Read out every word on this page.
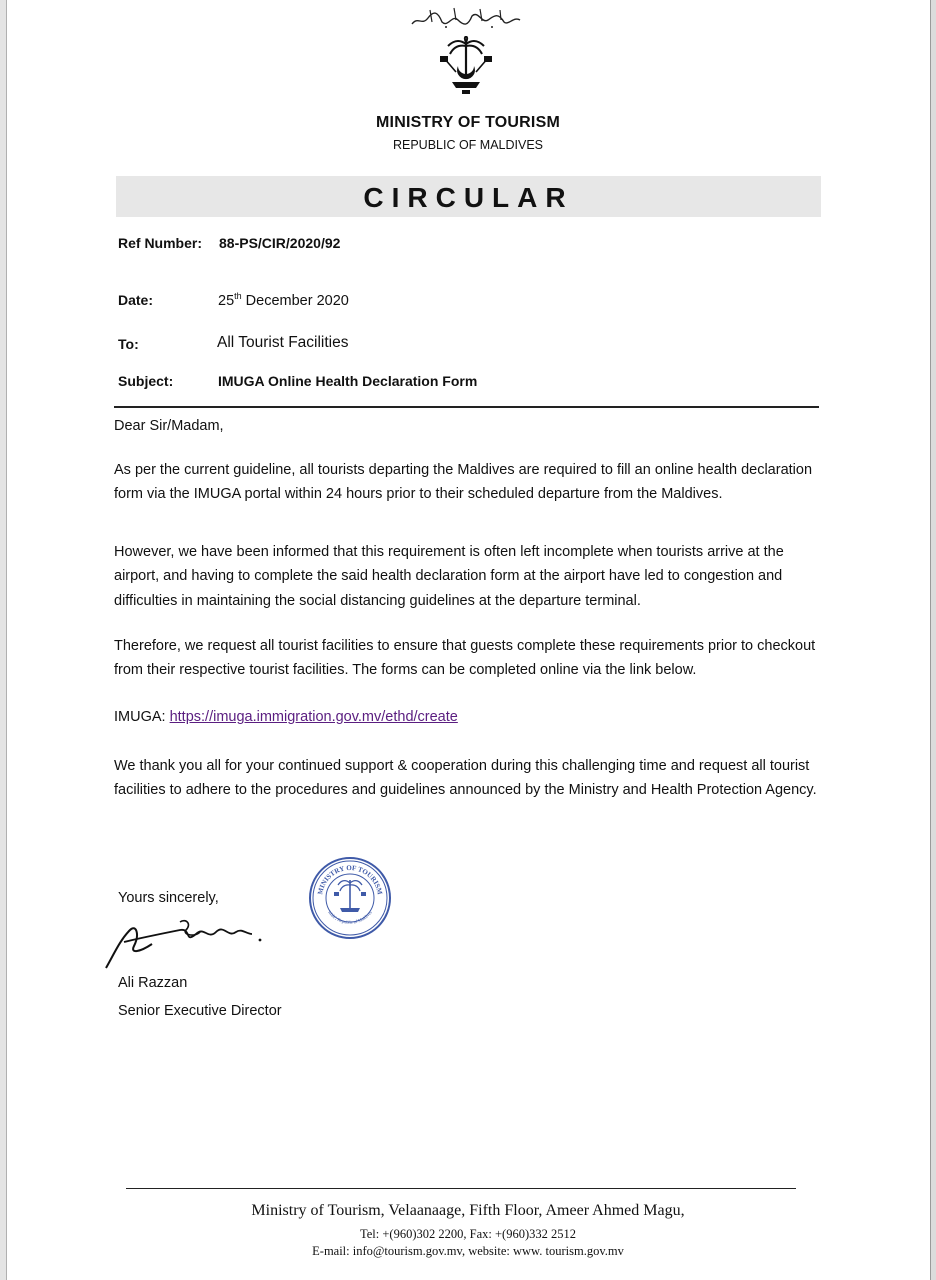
MINISTRY OF TOURISM
REPUBLIC OF MALDIVES
CIRCULAR
Ref Number: 88-PS/CIR/2020/92
Date:	25th December 2020
To:	All Tourist Facilities
Subject:	IMUGA Online Health Declaration Form
Dear Sir/Madam,
As per the current guideline, all tourists departing the Maldives are required to fill an online health declaration form via the IMUGA portal within 24 hours prior to their scheduled departure from the Maldives.
However, we have been informed that this requirement is often left incomplete when tourists arrive at the airport, and having to complete the said health declaration form at the airport have led to congestion and difficulties in maintaining the social distancing guidelines at the departure terminal.
Therefore, we request all tourist facilities to ensure that guests complete these requirements prior to checkout from their respective tourist facilities. The forms can be completed online via the link below.
IMUGA: https://imuga.immigration.gov.mv/ethd/create
We thank you all for your continued support & cooperation during this challenging time and request all tourist facilities to adhere to the procedures and guidelines announced by the Ministry and Health Protection Agency.
Yours sincerely,	MINISTRY OF TOURISM
Male', Republic of Maldives
Ali Razzan
Senior Executive Director
Ministry of Tourism, Velaanaage, Fifth Floor, Ameer Ahmed Magu,
Tel: +(960)302 2200, Fax: +(960)332 2512
E-mail: info@tourism.gov.mv, website: www. tourism.gov.mv
